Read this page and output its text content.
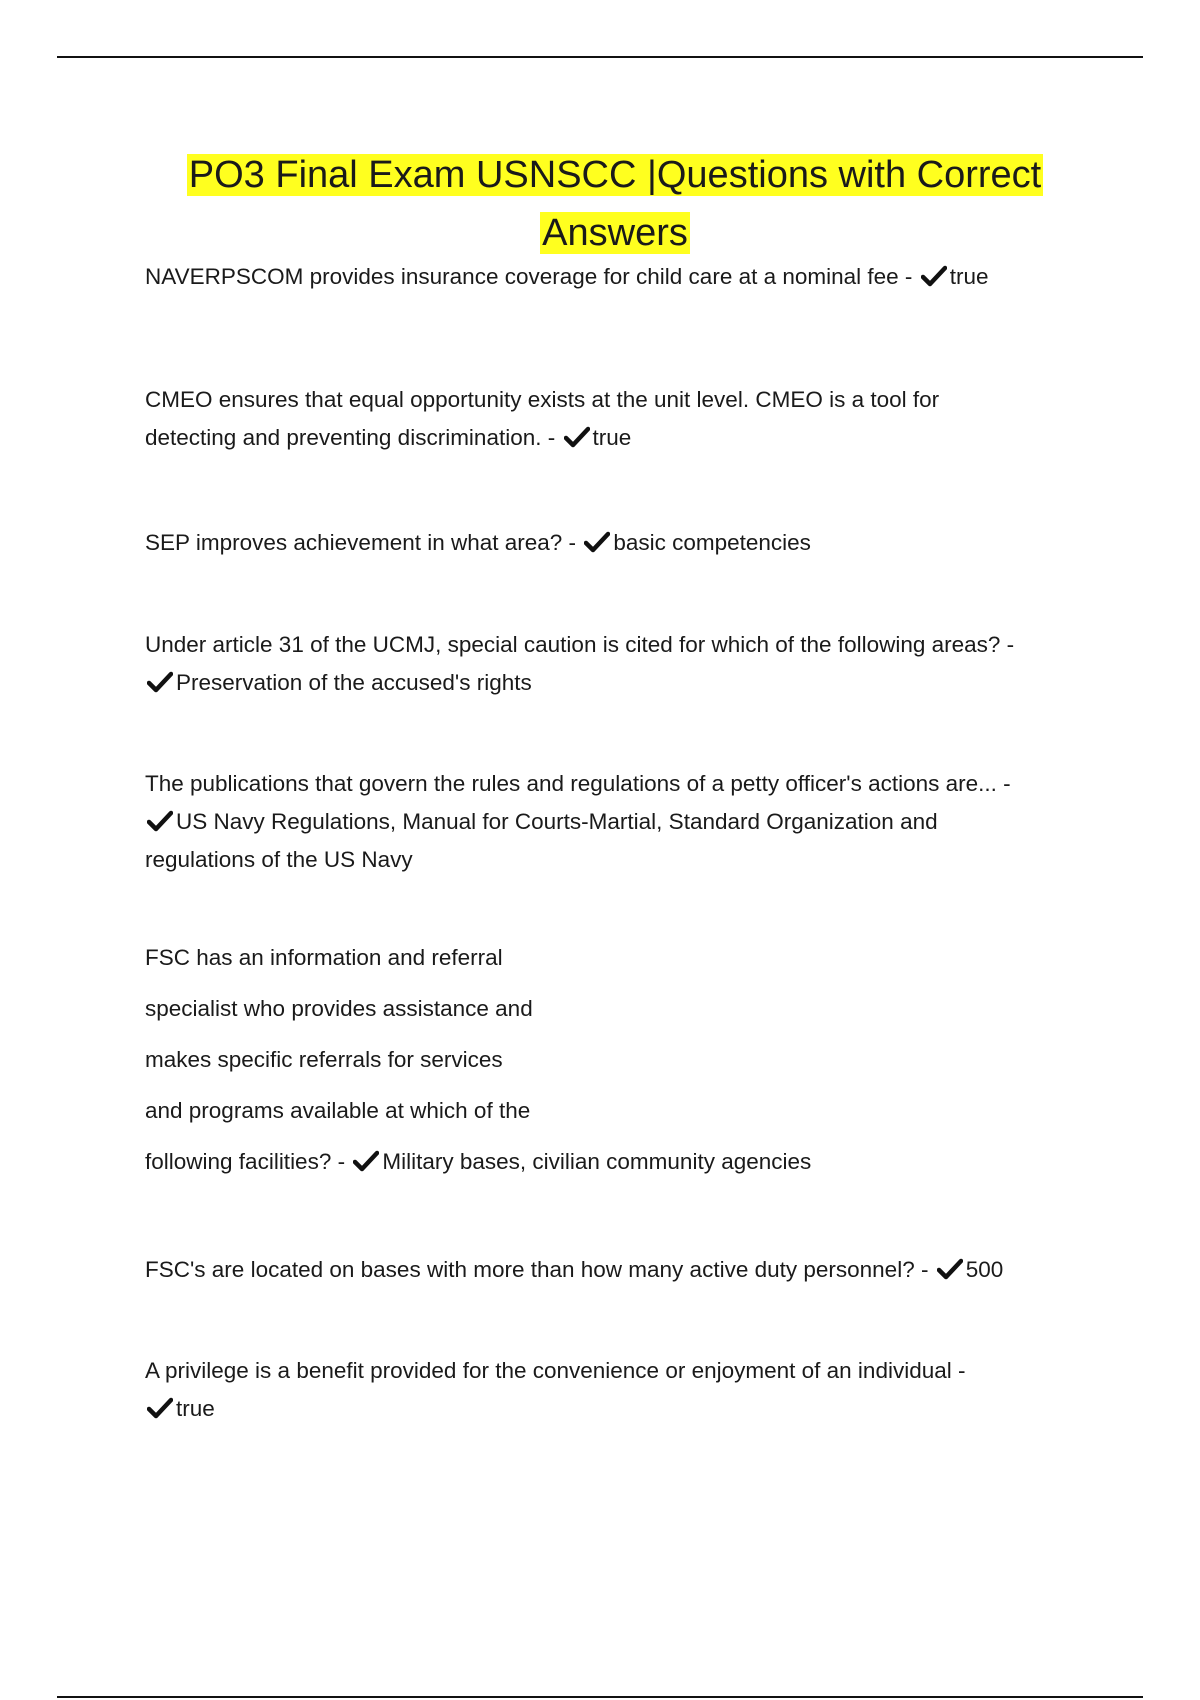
PO3 Final Exam USNSCC |Questions with Correct
Answers
NAVERPSCOM provides insurance coverage for child care at a nominal fee - true
CMEO ensures that equal opportunity exists at the unit level. CMEO is a tool for
detecting and preventing discrimination. - true
SEP improves achievement in what area? - basic competencies
Under article 31 of the UCMJ, special caution is cited for which of the following areas? -

Preservation of the accused's rights
The publications that govern the rules and regulations of a petty officer's actions are... -

US Navy Regulations, Manual for Courts-Martial, Standard Organization and
regulations of the US Navy
FSC has an information and referral
specialist who provides assistance and
makes specific referrals for services
and programs available at which of the
following facilities? - Military bases, civilian community agencies
FSC's are located on bases with more than how many active duty personnel? - 500
A privilege is a benefit provided for the convenience or enjoyment of an individual -

true
